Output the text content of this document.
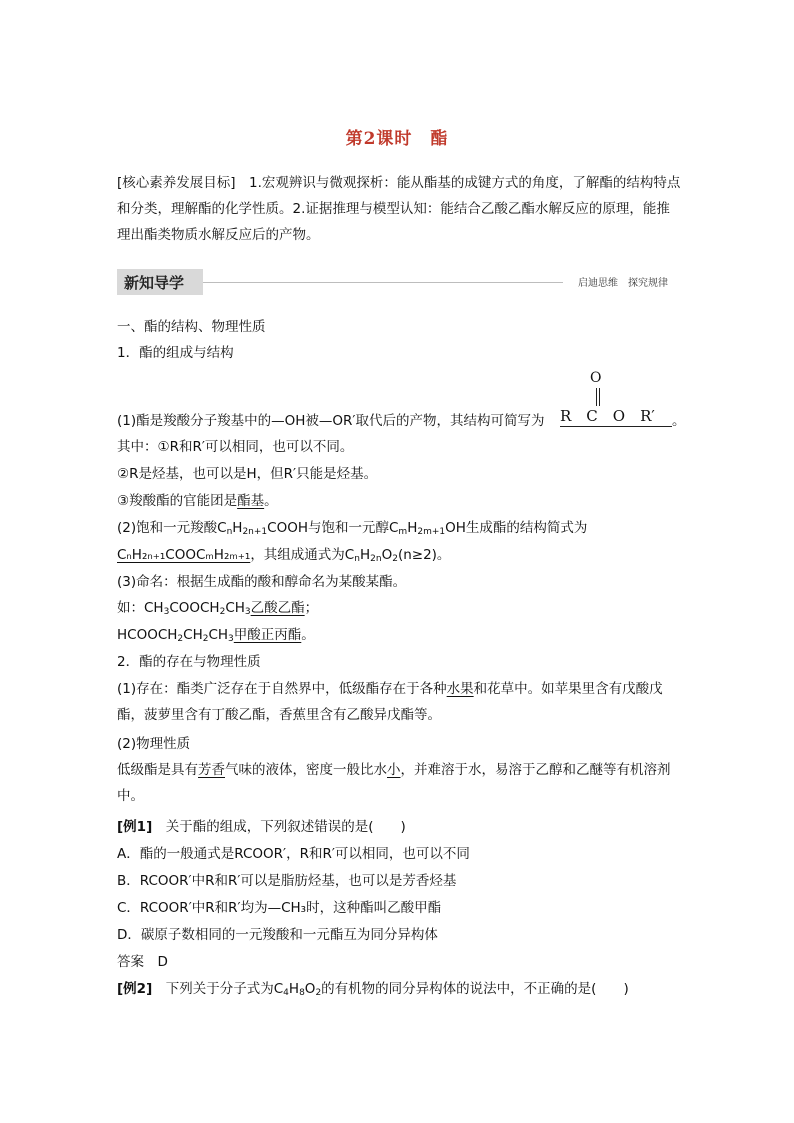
第2课时　酯
[核心素养发展目标]　1.宏观辨识与微观探析：能从酯基的成键方式的角度，了解酯的结构特点和分类，理解酯的化学性质。2.证据推理与模型认知：能结合乙酸乙酯水解反应的原理，能推理出酯类物质水解反应后的产物。
新知导学	启迪思维　探究规律
一、酯的结构、物理性质
1．酯的组成与结构
(1)酯是羧酸分子羧基中的—OH被—OR′取代后的产物，其结构可简写为
O
R　C　O　R′	。
其中：①R和R′可以相同，也可以不同。
②R是烃基，也可以是H，但R′只能是烃基。
③羧酸酯的官能团是酯基。
(2)饱和一元羧酸$C_nH_{2n+1}COOH$与饱和一元醇$C_mH_{2m+1}OH$生成酯的结构简式为
CₙH₂ₙ₊₁COOCₘH₂ₘ₊₁，其组成通式为$C_nH_{2n}O_2(n\ge 2)$。
(3)命名：根据生成酯的酸和醇命名为某酸某酯。
如：$CH_3COOCH_2CH_3$乙酸乙酯；
$HCOOCH_2CH_2CH_3$甲酸正丙酯。
2．酯的存在与物理性质
(1)存在：酯类广泛存在于自然界中，低级酯存在于各种水果和花草中。如苹果里含有戊酸戊酯，菠萝里含有丁酸乙酯，香蕉里含有乙酸异戊酯等。
(2)物理性质
低级酯是具有芳香气味的液体，密度一般比水小，并难溶于水，易溶于乙醇和乙醚等有机溶剂中。
[例1]　 关于酯的组成，下列叙述错误的是(　　)
A．酯的一般通式是RCOOR′，R和R′可以相同，也可以不同
B．RCOOR′中R和R′可以是脂肪烃基，也可以是芳香烃基
C．RCOOR′中R和R′均为—CH₃时，这种酯叫乙酸甲酯
D．碳原子数相同的一元羧酸和一元酯互为同分异构体
答案　D
[例2]　 下列关于分子式为$C_4H_8O_2$的有机物的同分异构体的说法中，不正确的是(　　)
